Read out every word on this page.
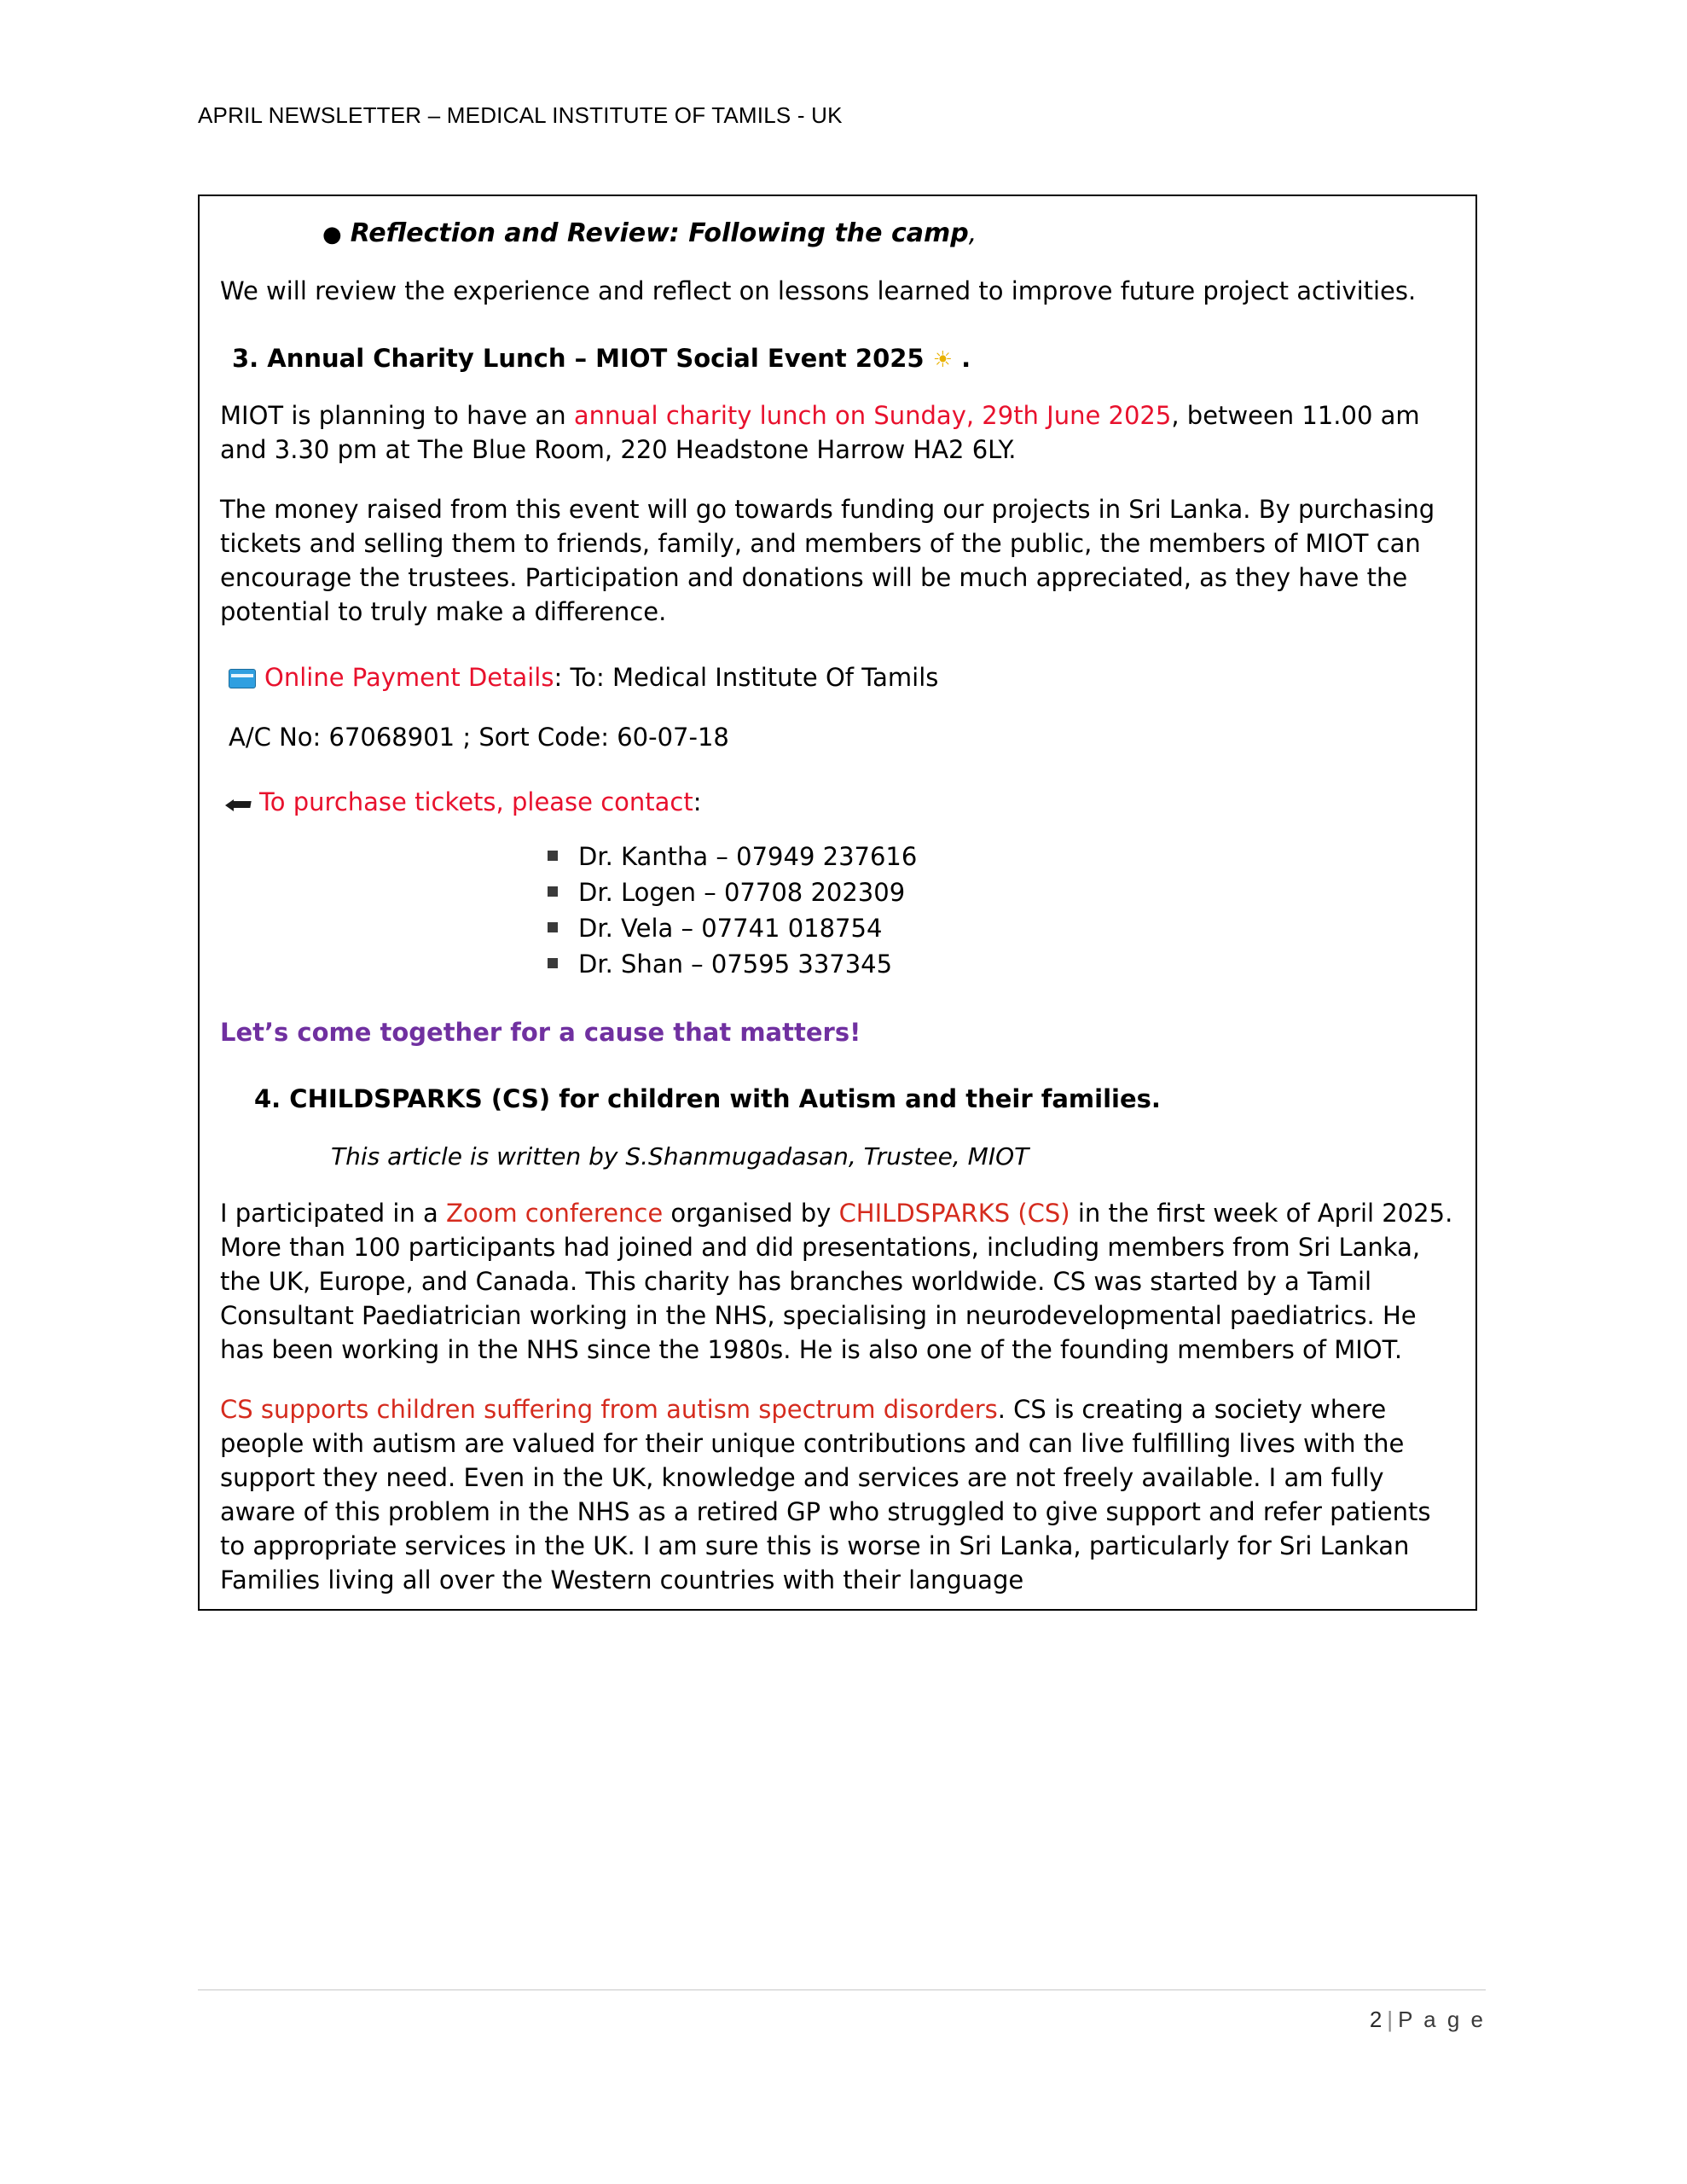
APRIL NEWSLETTER – MEDICAL INSTITUTE OF TAMILS - UK
● Reflection and Review: Following the camp,

We will review the experience and reflect on lessons learned to improve future project activities.

3. Annual Charity Lunch – MIOT Social Event 2025 ☀ .

MIOT is planning to have an annual charity lunch on Sunday, 29th June 2025, between 11.00 am and 3.30 pm at The Blue Room, 220 Headstone Harrow HA2 6LY.

The money raised from this event will go towards funding our projects in Sri Lanka. By purchasing tickets and selling them to friends, family, and members of the public, the members of MIOT can encourage the trustees. Participation and donations will be much appreciated, as they have the potential to truly make a difference.

Online Payment Details: To: Medical Institute Of Tamils
A/C No: 67068901 ; Sort Code: 60-07-18
To purchase tickets, please contact:
Dr. Kantha – 07949 237616
Dr. Logen – 07708 202309
Dr. Vela – 07741 018754
Dr. Shan – 07595 337345
Let’s come together for a cause that matters!
4. CHILDSPARKS (CS) for children with Autism and their families.
This article is written by S.Shanmugadasan, Trustee, MIOT

I participated in a Zoom conference organised by CHILDSPARKS (CS) in the first week of April 2025. More than 100 participants had joined and did presentations, including members from Sri Lanka, the UK, Europe, and Canada. This charity has branches worldwide. CS was started by a Tamil Consultant Paediatrician working in the NHS, specialising in neurodevelopmental paediatrics. He has been working in the NHS since the 1980s. He is also one of the founding members of MIOT.

CS supports children suffering from autism spectrum disorders. CS is creating a society where people with autism are valued for their unique contributions and can live fulfilling lives with the support they need. Even in the UK, knowledge and services are not freely available. I am fully aware of this problem in the NHS as a retired GP who struggled to give support and refer patients to appropriate services in the UK. I am sure this is worse in Sri Lanka, particularly for Sri Lankan Families living all over the Western countries with their language

2 | P a g e
